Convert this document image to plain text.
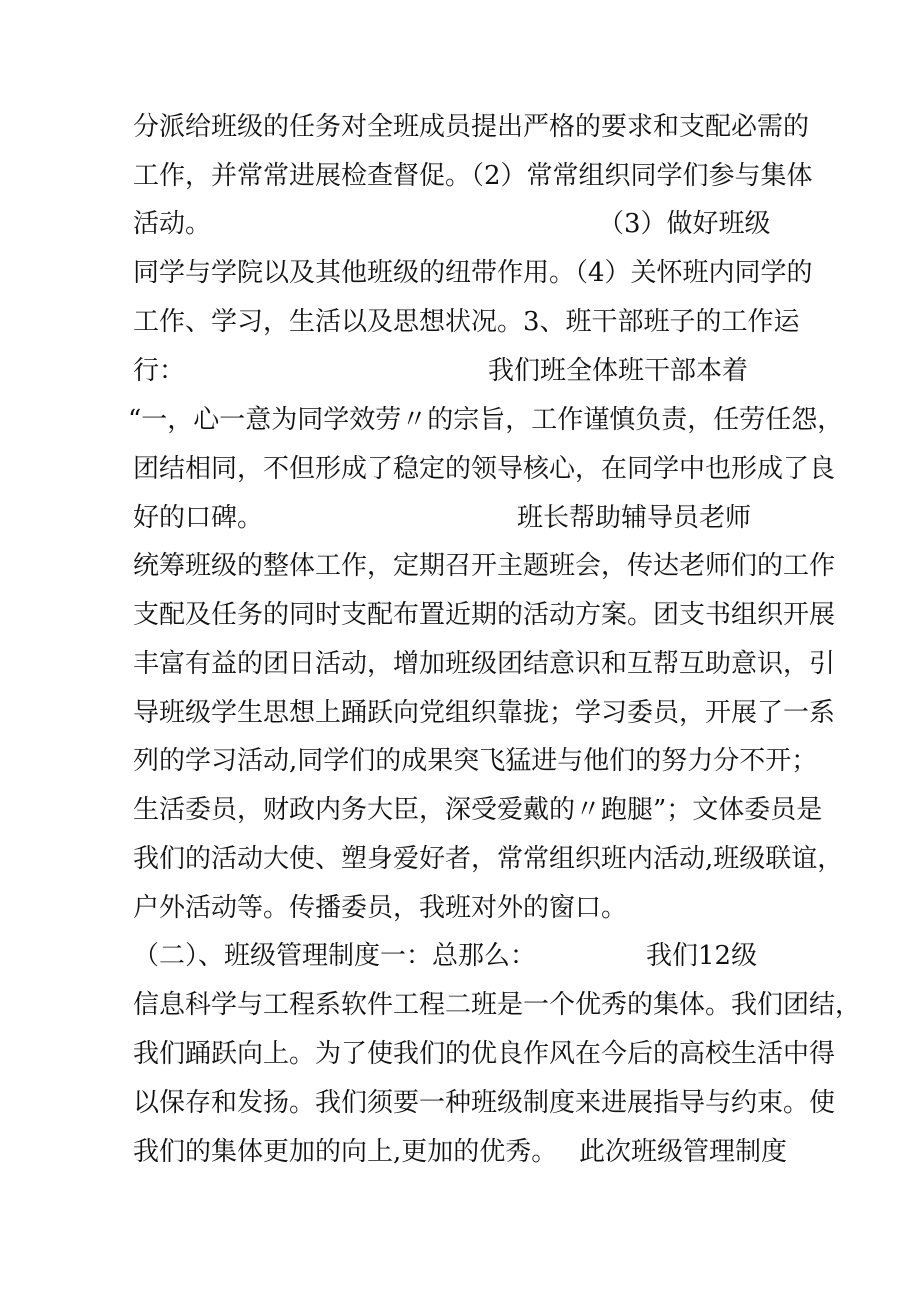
分派给班级的任务对全班成员提出严格的要求和支配必需的
工作，并常常进展检查督促。（2）常常组织同学们参与集体
活动。	（3）做好班级
同学与学院以及其他班级的纽带作用。（4）关怀班内同学的
工作、学习，生活以及思想状况。3、班干部班子的工作运
行：	我们班全体班干部本着
“一，心一意为同学效劳〃的宗旨，工作谨慎负责，任劳任怨，
团结相同，不但形成了稳定的领导核心，在同学中也形成了良
好的口碑。	班长帮助辅导员老师
统筹班级的整体工作，定期召开主题班会，传达老师们的工作
支配及任务的同时支配布置近期的活动方案。团支书组织开展
丰富有益的团日活动，增加班级团结意识和互帮互助意识，引
导班级学生思想上踊跃向党组织靠拢；学习委员，开展了一系
列的学习活动,同学们的成果突飞猛进与他们的努力分不开；
生活委员，财政内务大臣，深受爱戴的〃跑腿”；文体委员是
我们的活动大使、塑身爱好者，常常组织班内活动,班级联谊，
户外活动等。传播委员，我班对外的窗口。
（二）、班级管理制度一：总那么：	我们12级
信息科学与工程系软件工程二班是一个优秀的集体。我们团结，
我们踊跃向上。为了使我们的优良作风在今后的高校生活中得
以保存和发扬。我们须要一种班级制度来进展指导与约束。使
我们的集体更加的向上,更加的优秀。 此次班级管理制度
